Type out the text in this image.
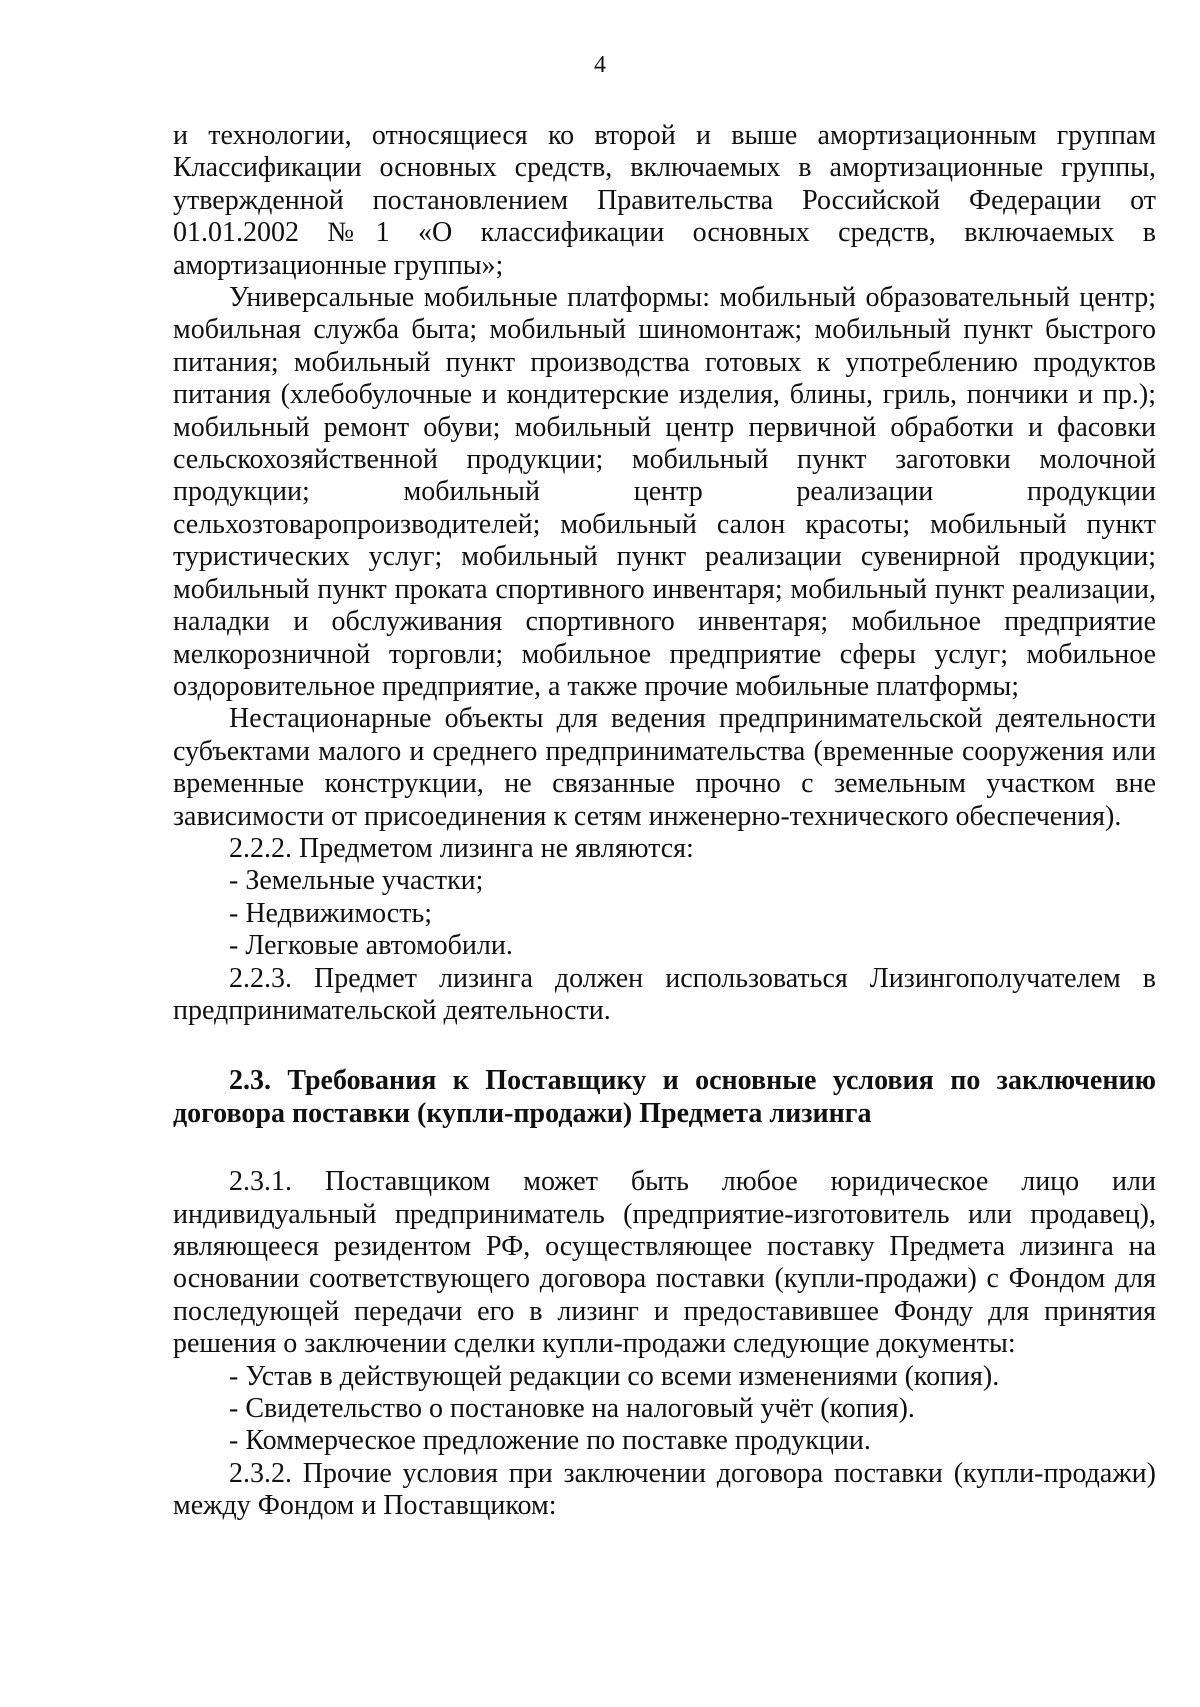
4

и технологии, относящиеся ко второй и выше амортизационным группам Классификации основных средств, включаемых в амортизационные группы, утвержденной постановлением Правительства Российской Федерации от 01.01.2002 №1 «О классификации основных средств, включаемых в амортизационные группы»;

Универсальные мобильные платформы: мобильный образовательный центр; мобильная служба быта; мобильный шиномонтаж; мобильный пункт быстрого питания; мобильный пункт производства готовых к употреблению продуктов питания (хлебобулочные и кондитерские изделия, блины, гриль, пончики и пр.); мобильный ремонт обуви; мобильный центр первичной обработки и фасовки сельскохозяйственной продукции; мобильный пункт заготовки молочной продукции; мобильный центр реализации продукции сельхозтоваропроизводителей; мобильный салон красоты; мобильный пункт туристических услуг; мобильный пункт реализации сувенирной продукции; мобильный пункт проката спортивного инвентаря; мобильный пункт реализации, наладки и обслуживания спортивного инвентаря; мобильное предприятие мелкорозничной торговли; мобильное предприятие сферы услуг; мобильное оздоровительное предприятие, а также прочие мобильные платформы;

Нестационарные объекты для ведения предпринимательской деятельности субъектами малого и среднего предпринимательства (временные сооружения или временные конструкции, не связанные прочно с земельным участком вне зависимости от присоединения к сетям инженерно-технического обеспечения).

2.2.2. Предметом лизинга не являются:

- Земельные участки;

- Недвижимость;

- Легковые автомобили.

2.2.3. Предмет лизинга должен использоваться Лизингополучателем в предпринимательской деятельности.

2.3. Требования к Поставщику и основные условия по заключению договора поставки (купли-продажи) Предмета лизинга

2.3.1. Поставщиком может быть любое юридическое лицо или индивидуальный предприниматель (предприятие-изготовитель или продавец), являющееся резидентом РФ, осуществляющее поставку Предмета лизинга на основании соответствующего договора поставки (купли-продажи) с Фондом для последующей передачи его в лизинг и предоставившее Фонду для принятия решения о заключении сделки купли-продажи следующие документы:

- Устав в действующей редакции со всеми изменениями (копия).

- Свидетельство о постановке на налоговый учёт (копия).

- Коммерческое предложение по поставке продукции.

2.3.2. Прочие условия при заключении договора поставки (купли-продажи) между Фондом и Поставщиком:
